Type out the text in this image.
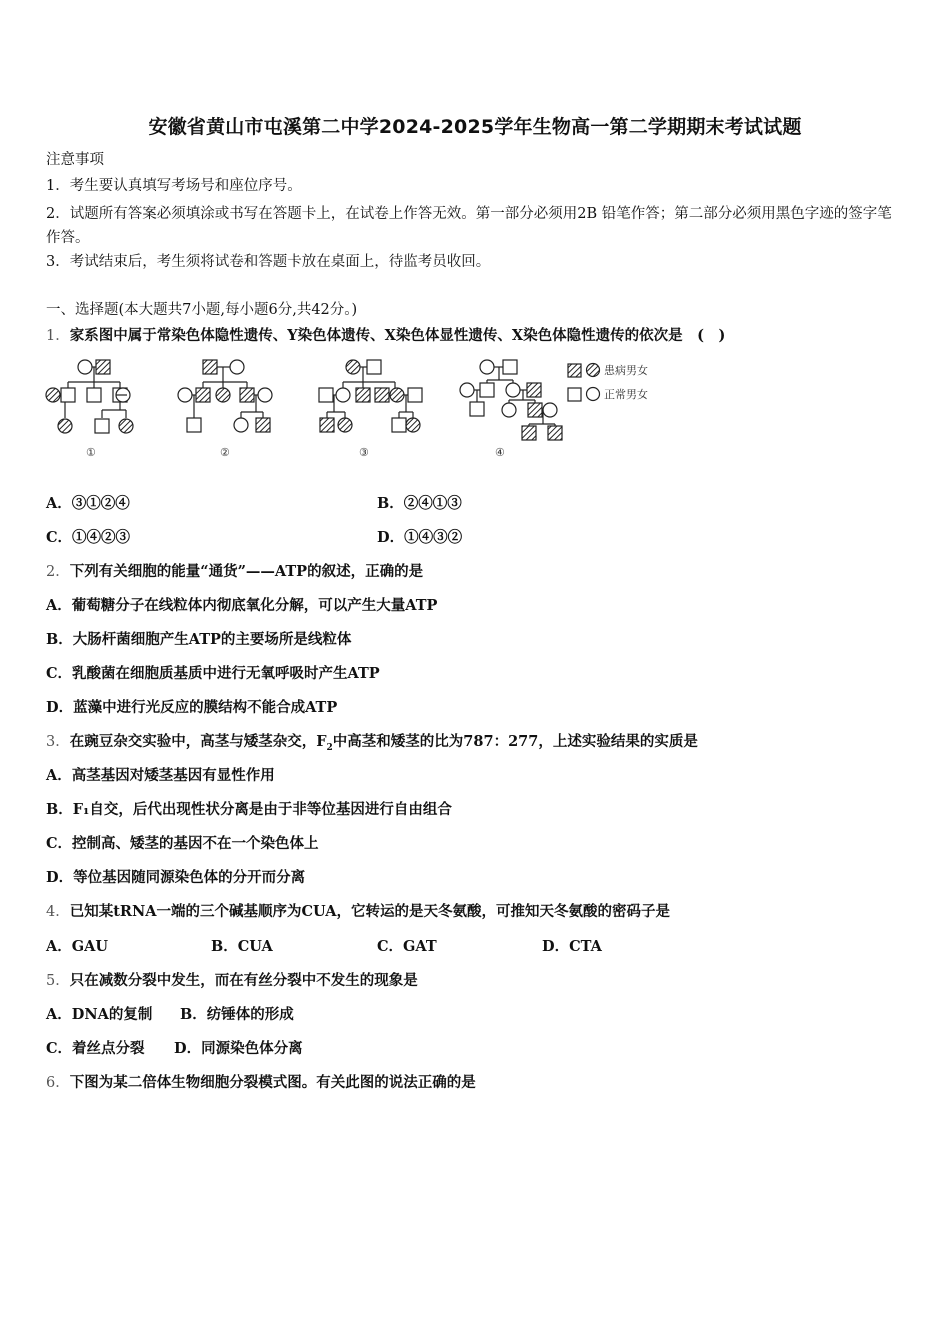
安徽省黄山市屯溪第二中学2024-2025学年生物高一第二学期期末考试试题
注意事项
1．考生要认真填写考场号和座位序号。
2．试题所有答案必须填涂或书写在答题卡上，在试卷上作答无效。第一部分必须用2B 铅笔作答；第二部分必须用黑色字迹的签字笔作答。
3．考试结束后，考生须将试卷和答题卡放在桌面上，待监考员收回。
一、选择题(本大题共7小题,每小题6分,共42分。)
1．家系图中属于常染色体隐性遗传、Y染色体遗传、X染色体显性遗传、X染色体隐性遗传的依次是　(　)
患病男女
正常男女
①	②	③	④
A．③①②④	B．②④①③
C．①④②③	D．①④③②
2．下列有关细胞的能量“通货”——ATP的叙述，正确的是
A．葡萄糖分子在线粒体内彻底氧化分解，可以产生大量ATP
B．大肠杆菌细胞产生ATP的主要场所是线粒体
C．乳酸菌在细胞质基质中进行无氧呼吸时产生ATP
D．蓝藻中进行光反应的膜结构不能合成ATP
3．在豌豆杂交实验中，高茎与矮茎杂交，$F_2$中高茎和矮茎的比为787：277，上述实验结果的实质是
A．高茎基因对矮茎基因有显性作用
B．F₁自交，后代出现性状分离是由于非等位基因进行自由组合
C．控制高、矮茎的基因不在一个染色体上
D．等位基因随同源染色体的分开而分离
4．已知某tRNA一端的三个碱基顺序为CUA，它转运的是天冬氨酸，可推知天冬氨酸的密码子是
A．GAU	B．CUA	C．GAT	D．CTA
5．只在减数分裂中发生，而在有丝分裂中不发生的现象是
A．DNA的复制 B．纺锤体的形成
C．着丝点分裂 D．同源染色体分离
6．下图为某二倍体生物细胞分裂模式图。有关此图的说法正确的是
